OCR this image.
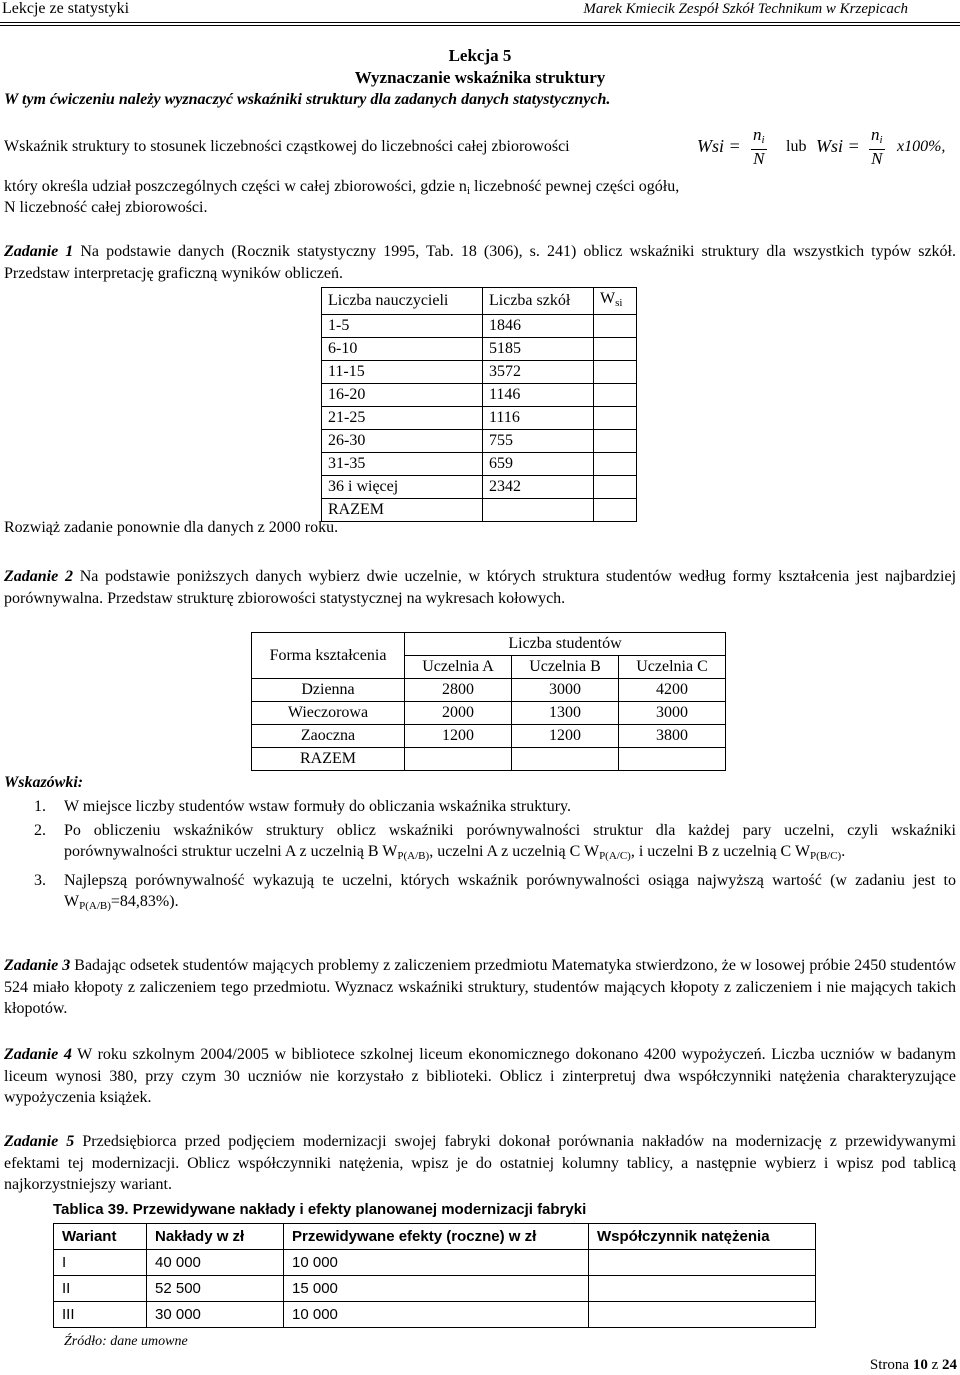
Lekcje ze statystyki	Marek Kmiecik Zespół Szkół Technikum w Krzepicach
Lekcja 5
Wyznaczanie wskaźnika struktury
W tym ćwiczeniu należy wyznaczyć wskaźniki struktury dla zadanych danych statystycznych.
Wskaźnik struktury to stosunek liczebności cząstkowej do liczebności całej zbiorowości	Wsi = $\frac{n_i}{N}$ lub Wsi = $\frac{n_i}{N} x100\%$,
który określa udział poszczególnych części w całej zbiorowości, gdzie $n_i$ liczebność pewnej części ogółu,
N liczebność całej zbiorowości.

Zadanie 1 Na podstawie danych (Rocznik statystyczny 1995, Tab. 18 (306), s. 241) oblicz wskaźniki struktury dla wszystkich typów szkół. Przedstaw interpretację graficzną wyników obliczeń.

Liczba nauczycieli	Liczba szkół	$W_{si}$
1-5	1846	
6-10	5185	
11-15	3572	
16-20	1146	
21-25	1116	
26-30	755	
31-35	659	
36 i więcej	2342	
RAZEM		
Rozwiąż zadanie ponownie dla danych z 2000 roku.

Zadanie 2 Na podstawie poniższych danych wybierz dwie uczelnie, w których struktura studentów według formy kształcenia jest najbardziej porównywalna. Przedstaw strukturę zbiorowości statystycznej na wykresach kołowych.

Forma kształcenia	Liczba studentów		
	Uczelnia A	Uczelnia B	Uczelnia C
Dzienna	2800	3000	4200
Wieczorowa	2000	1300	3000
Zaoczna	1200	1200	3800
RAZEM			
Wskazówki:
1. W miejsce liczby studentów wstaw formuły do obliczania wskaźnika struktury.
2. Po obliczeniu wskaźników struktury oblicz wskaźniki porównywalności struktur dla każdej pary uczelni, czyli wskaźniki porównywalności struktur uczelni A z uczelnią B $W_{P(A/B)}$, uczelni A z uczelnią C $W_{P(A/C)}$, i uczelni B z uczelnią C $W_{P(B/C)}$.
3. Najlepszą porównywalność wykazują te uczelni, których wskaźnik porównywalności osiąga najwyższą wartość (w zadaniu jest to $W_{P(A/B)}=84,83\%$).

Zadanie 3 Badając odsetek studentów mających problemy z zaliczeniem przedmiotu Matematyka stwierdzono, że w losowej próbie 2450 studentów 524 miało kłopoty z zaliczeniem tego przedmiotu. Wyznacz wskaźniki struktury, studentów mających kłopoty z zaliczeniem i nie mających takich kłopotów.

Zadanie 4 W roku szkolnym 2004/2005 w bibliotece szkolnej liceum ekonomicznego dokonano 4200 wypożyczeń. Liczba uczniów w badanym liceum wynosi 380, przy czym 30 uczniów nie korzystało z biblioteki. Oblicz i zinterpretuj dwa współczynniki natężenia charakteryzujące wypożyczenia książek.

Zadanie 5 Przedsiębiorca przed podjęciem modernizacji swojej fabryki dokonał porównania nakładów na modernizację z przewidywanymi efektami tej modernizacji. Oblicz współczynniki natężenia, wpisz je do ostatniej kolumny tablicy, a następnie wybierz i wpisz pod tablicą najkorzystniejszy wariant.

Tablica 39. Przewidywane nakłady i efekty planowanej modernizacji fabryki
Wariant	Nakłady w zł	Przewidywane efekty (roczne) w zł	Współczynnik natężenia
I	40 000	10 000	
II	52 500	15 000	
III	30 000	10 000	
Źródło: dane umowne
Strona 10 z 24
